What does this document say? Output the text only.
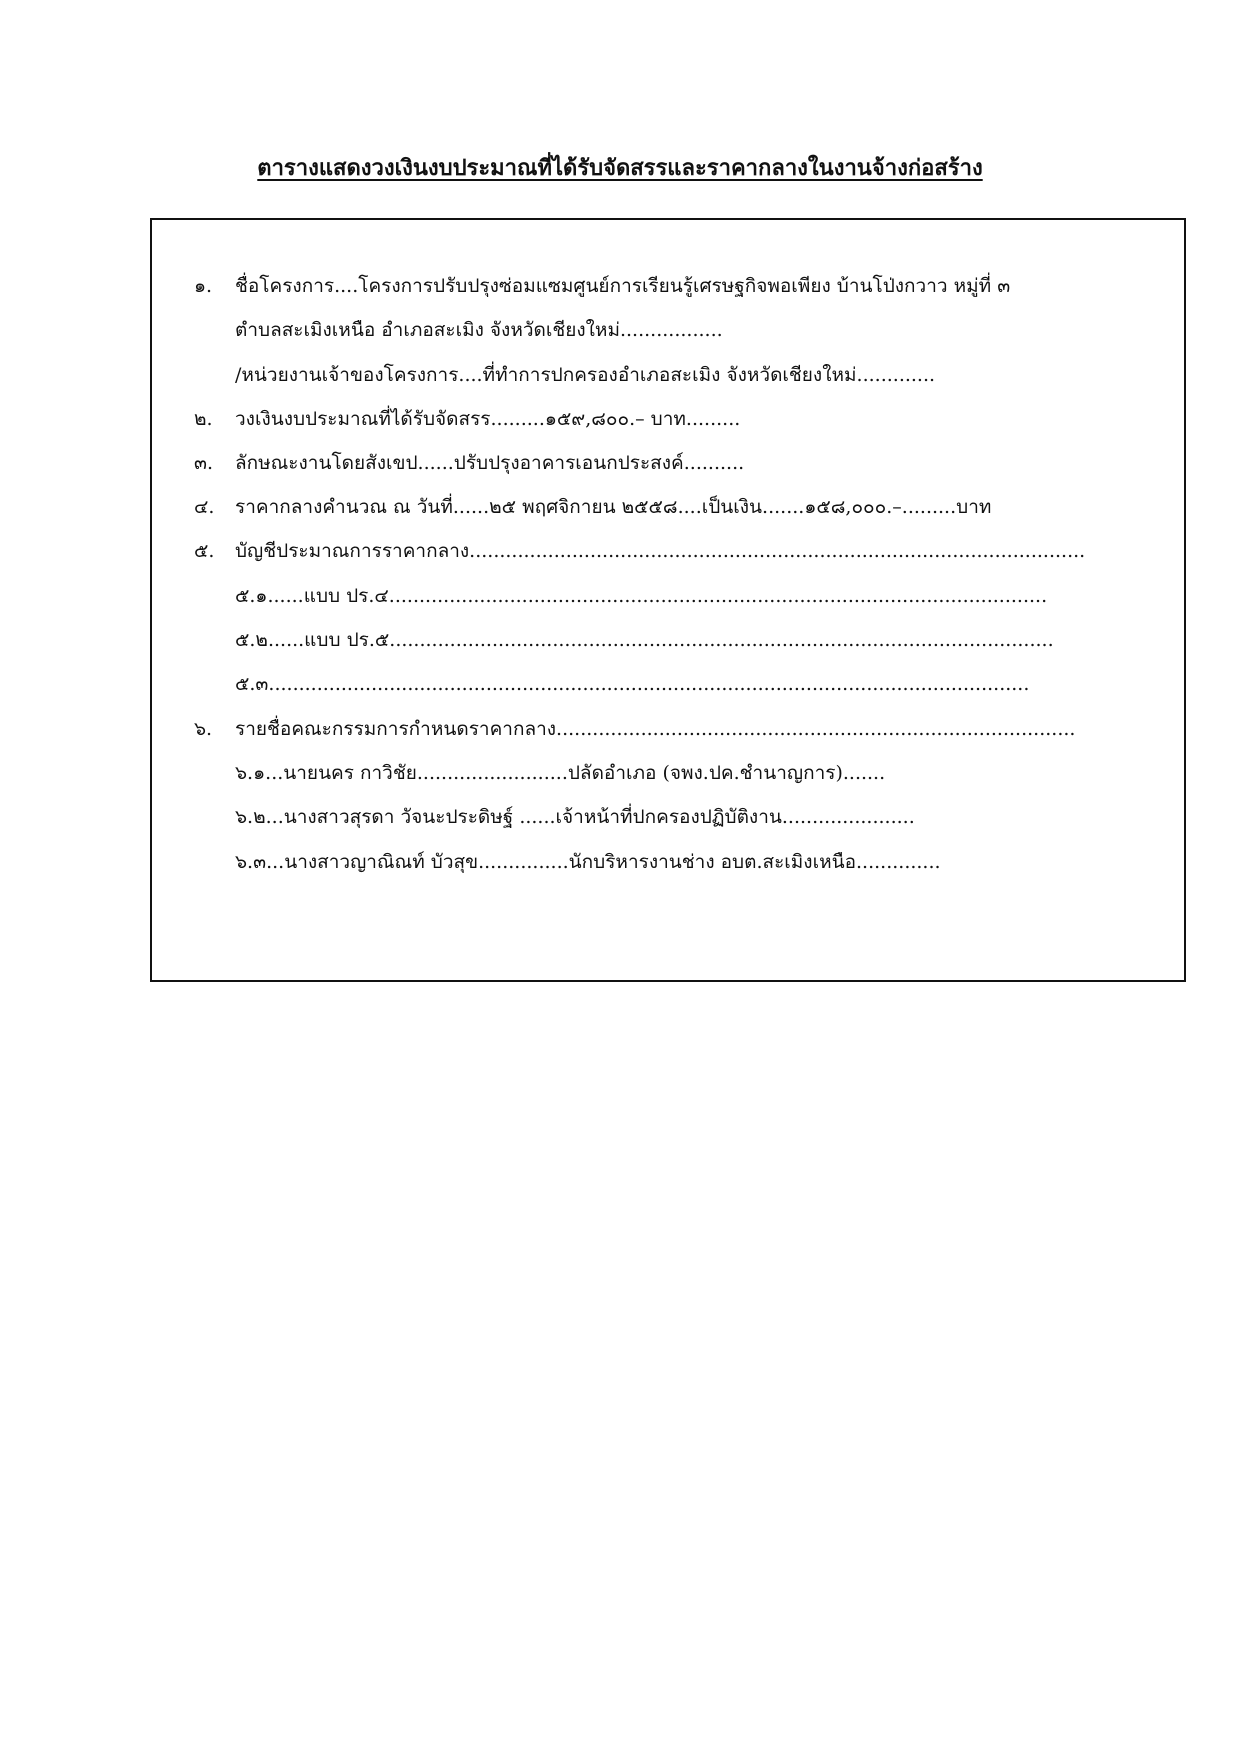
ตารางแสดงวงเงินงบประมาณที่ได้รับจัดสรรและราคากลางในงานจ้างก่อสร้าง
๑.	ชื่อโครงการ....โครงการปรับปรุงซ่อมแซมศูนย์การเรียนรู้เศรษฐกิจพอเพียง บ้านโป่งกวาว หมู่ที่ ๓
ตำบลสะเมิงเหนือ อำเภอสะเมิง จังหวัดเชียงใหม่.................
/หน่วยงานเจ้าของโครงการ....ที่ทำการปกครองอำเภอสะเมิง จังหวัดเชียงใหม่.............
๒.	วงเงินงบประมาณที่ได้รับจัดสรร.........๑๕๙,๘๐๐.– บาท.........
๓.	ลักษณะงานโดยสังเขป......ปรับปรุงอาคารเอนกประสงค์..........
๔.	ราคากลางคำนวณ ณ วันที่......๒๕ พฤศจิกายน ๒๕๕๘....เป็นเงิน.......๑๕๘,๐๐๐.–.........บาท
๕.	บัญชีประมาณการราคากลาง......................................................................................................
๕.๑......แบบ ปร.๔.............................................................................................................
๕.๒......แบบ ปร.๕..............................................................................................................
๕.๓..............................................................................................................................
๖.	รายชื่อคณะกรรมการกำหนดราคากลาง......................................................................................
๖.๑...นายนคร กาวิชัย.........................ปลัดอำเภอ (จพง.ปค.ชำนาญการ).......
๖.๒...นางสาวสุรดา วัจนะประดิษฐ์ ......เจ้าหน้าที่ปกครองปฏิบัติงาน......................
๖.๓...นางสาวญาณิณท์ บัวสุข...............นักบริหารงานช่าง อบต.สะเมิงเหนือ..............
